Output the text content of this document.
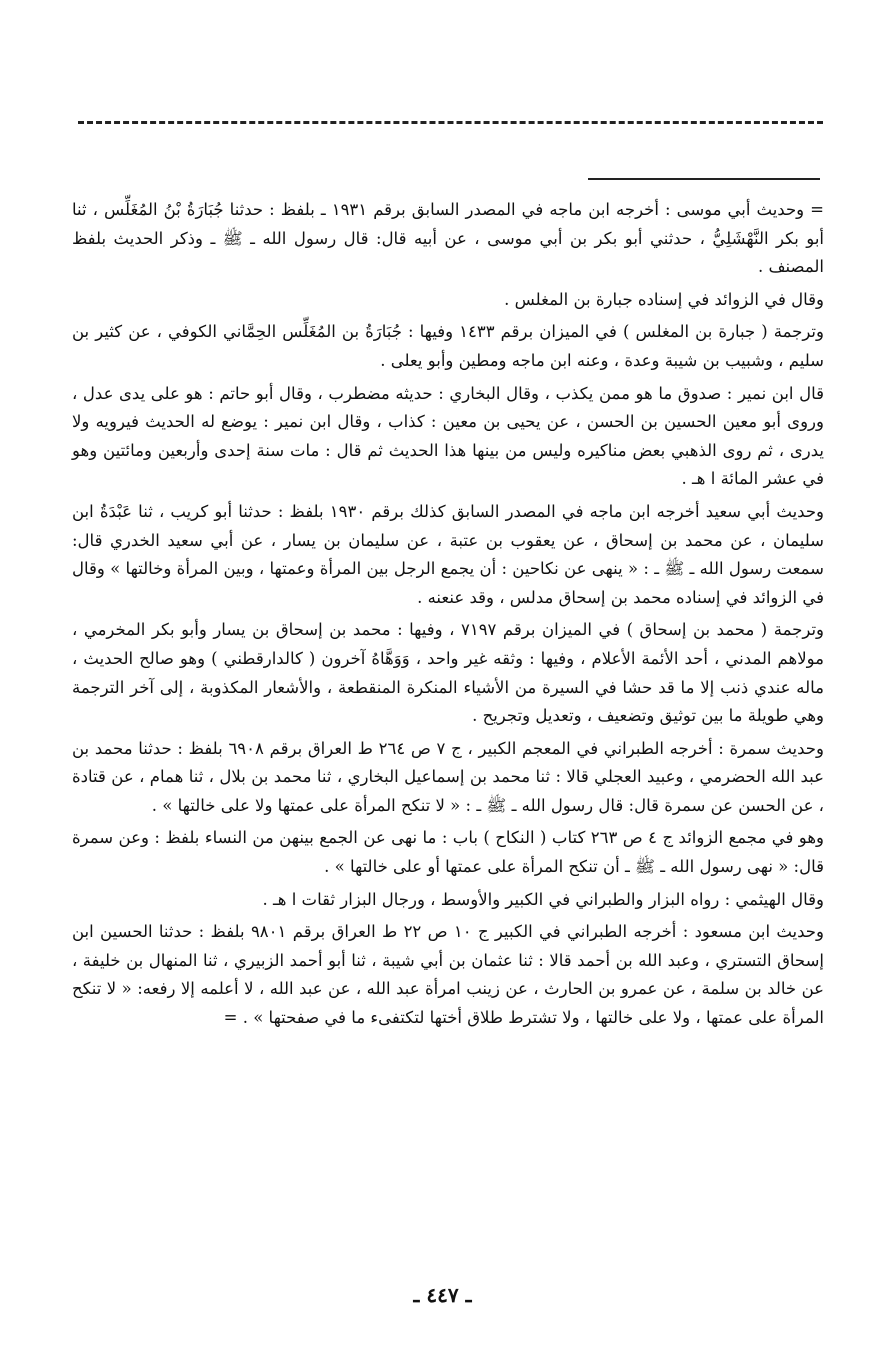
= وحديث أبي موسى : أخرجه ابن ماجه في المصدر السابق برقم ١٩٣١ ـ بلفظ : حدثنا جُبَارَةُ بْنُ المُغَلِّس ، ثنا أبو بكر النَّهْشَلِيُّ ، حدثني أبو بكر بن أبي موسى ، عن أبيه قال: قال رسول الله ـ ﷺ ـ وذكر الحديث بلفظ المصنف .

وقال في الزوائد في إسناده جبارة بن المغلس .

وترجمة ( جبارة بن المغلس ) في الميزان برقم ١٤٣٣ وفيها : جُبَارَةُ بن المُغَلِّس الحِمَّاني الكوفي ، عن كثير بن سليم ، وشبيب بن شيبة وعدة ، وعنه ابن ماجه ومطين وأبو يعلى .

قال ابن نمير : صدوق ما هو ممن يكذب ، وقال البخاري : حديثه مضطرب ، وقال أبو حاتم : هو على يدى عدل ، وروى أبو معين الحسين بن الحسن ، عن يحيى بن معين : كذاب ، وقال ابن نمير : يوضع له الحديث فيرويه ولا يدرى ، ثم روى الذهبي بعض مناكيره وليس من بينها هذا الحديث ثم قال : مات سنة إحدى وأربعين ومائتين وهو في عشر المائة ا هـ .

وحديث أبي سعيد أخرجه ابن ماجه في المصدر السابق كذلك برقم ١٩٣٠ بلفظ : حدثنا أبو كريب ، ثنا عَبْدَةُ ابن سليمان ، عن محمد بن إسحاق ، عن يعقوب بن عتبة ، عن سليمان بن يسار ، عن أبي سعيد الخدري قال: سمعت رسول الله ـ ﷺ ـ : « ينهى عن نكاحين : أن يجمع الرجل بين المرأة وعمتها ، وبين المرأة وخالتها » وقال في الزوائد في إسناده محمد بن إسحاق مدلس ، وقد عنعنه .

وترجمة ( محمد بن إسحاق ) في الميزان برقم ٧١٩٧ ، وفيها : محمد بن إسحاق بن يسار وأبو بكر المخرمي ، مولاهم المدني ، أحد الأئمة الأعلام ، وفيها : وثقه غير واحد ، وَوَهَّاهُ آخرون ( كالدارقطني ) وهو صالح الحديث ، ماله عندي ذنب إلا ما قد حشا في السيرة من الأشياء المنكرة المنقطعة ، والأشعار المكذوبة ، إلى آخر الترجمة وهي طويلة ما بين توثيق وتضعيف ، وتعديل وتجريح .

وحديث سمرة : أخرجه الطبراني في المعجم الكبير ، ج ٧ ص ٢٦٤ ط العراق برقم ٦٩٠٨ بلفظ : حدثنا محمد بن عبد الله الحضرمي ، وعبيد العجلي قالا : ثنا محمد بن إسماعيل البخاري ، ثنا محمد بن بلال ، ثنا همام ، عن قتادة ، عن الحسن عن سمرة قال: قال رسول الله ـ ﷺ ـ : « لا تنكح المرأة على عمتها ولا على خالتها » .

وهو في مجمع الزوائد ج ٤ ص ٢٦٣ كتاب ( النكاح ) باب : ما نهى عن الجمع بينهن من النساء بلفظ : وعن سمرة قال: « نهى رسول الله ـ ﷺ ـ أن تنكح المرأة على عمتها أو على خالتها » .

وقال الهيثمي : رواه البزار والطبراني في الكبير والأوسط ، ورجال البزار ثقات ا هـ .

وحديث ابن مسعود : أخرجه الطبراني في الكبير ج ١٠ ص ٢٢ ط العراق برقم ٩٨٠١ بلفظ : حدثنا الحسين ابن إسحاق التستري ، وعبد الله بن أحمد قالا : ثنا عثمان بن أبي شيبة ، ثنا أبو أحمد الزبيري ، ثنا المنهال بن خليفة ، عن خالد بن سلمة ، عن عمرو بن الحارث ، عن زينب امرأة عبد الله ، عن عبد الله ، لا أعلمه إلا رفعه: « لا تنكح المرأة على عمتها ، ولا على خالتها ، ولا تشترط طلاق أختها لتكتفىء ما في صفحتها » . =

ـ ٤٤٧ ـ
